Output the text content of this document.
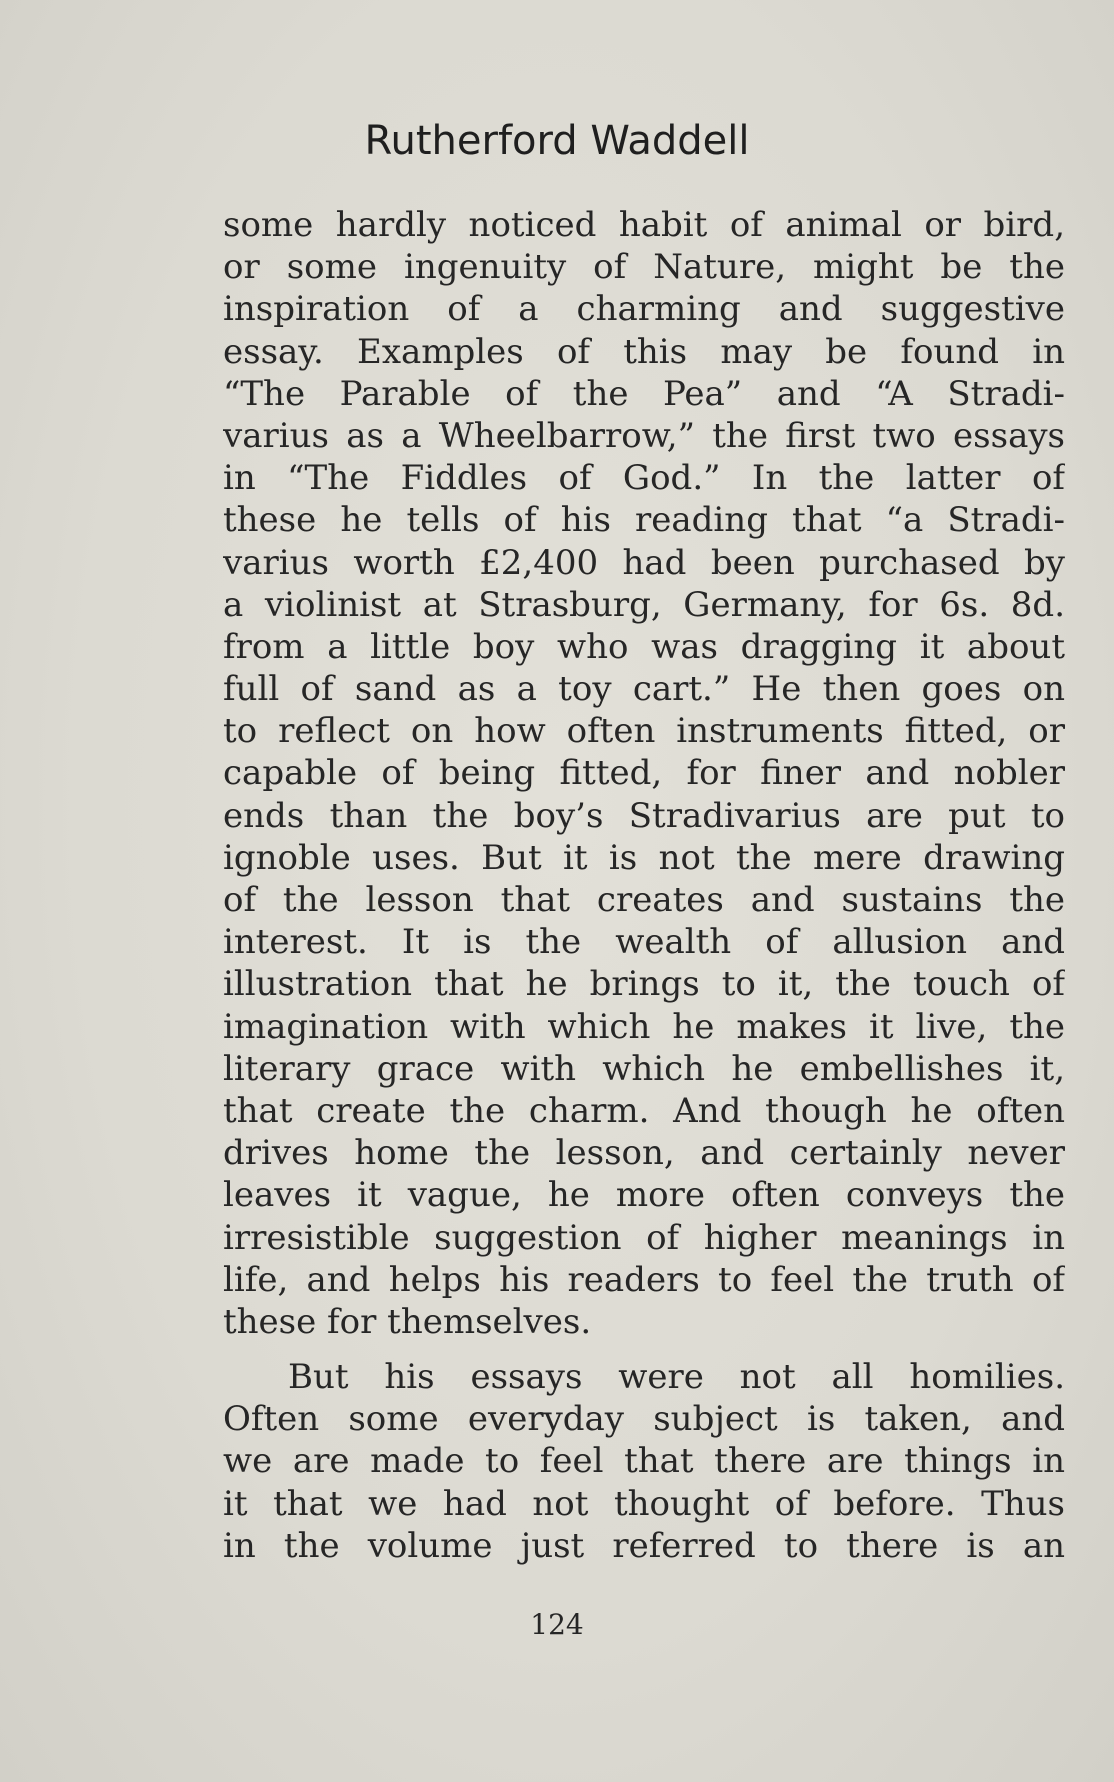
Rutherford Waddell
some hardly noticed habit of animal or bird,
or some ingenuity of Nature, might be the
inspiration of a charming and suggestive
essay. Examples of this may be found in
“The Parable of the Pea” and “A Stradi-
varius as a Wheelbarrow,” the first two essays
in “The Fiddles of God.” In the latter of
these he tells of his reading that “a Stradi-
varius worth £2,400 had been purchased by
a violinist at Strasburg, Germany, for 6s. 8d.
from a little boy who was dragging it about
full of sand as a toy cart.” He then goes on
to reflect on how often instruments fitted, or
capable of being fitted, for finer and nobler
ends than the boy’s Stradivarius are put to
ignoble uses. But it is not the mere drawing
of the lesson that creates and sustains the
interest. It is the wealth of allusion and
illustration that he brings to it, the touch of
imagination with which he makes it live, the
literary grace with which he embellishes it,
that create the charm. And though he often
drives home the lesson, and certainly never
leaves it vague, he more often conveys the
irresistible suggestion of higher meanings in
life, and helps his readers to feel the truth of
these for themselves.
But his essays were not all homilies.
Often some everyday subject is taken, and
we are made to feel that there are things in
it that we had not thought of before. Thus
in the volume just referred to there is an
124
